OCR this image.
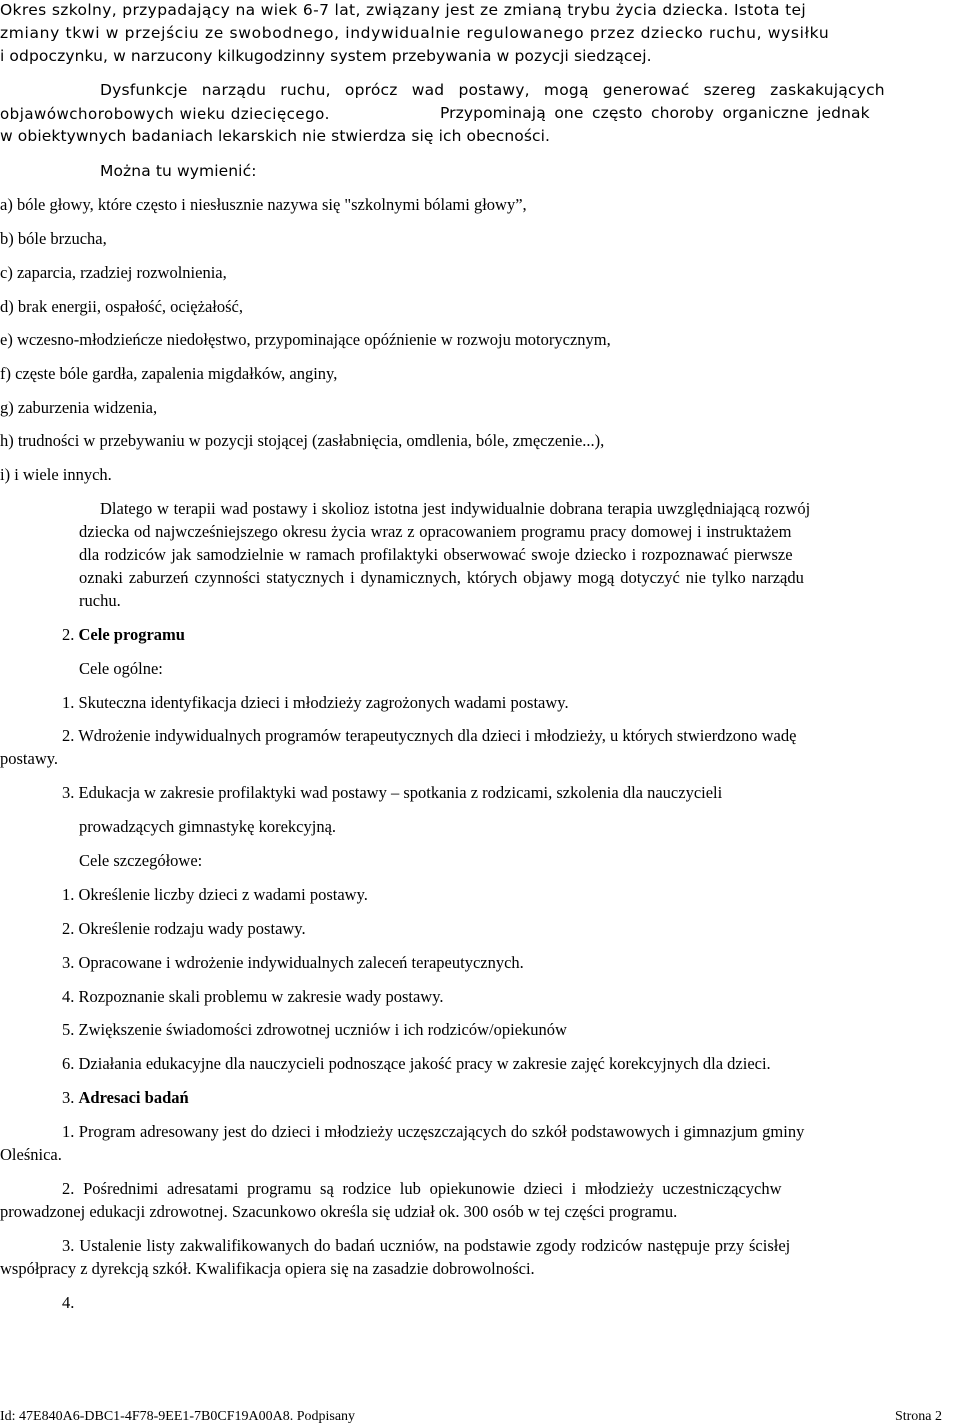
Okres szkolny, przypadający na wiek 6-7 lat, związany jest ze zmianą trybu życia dziecka. Istota tej
zmiany tkwi w przejściu ze swobodnego, indywidualnie regulowanego przez dziecko ruchu, wysiłku
i odpoczynku, w narzucony kilkugodzinny system przebywania w pozycji siedzącej.
Dysfunkcje narządu ruchu, oprócz wad postawy, mogą generować szereg zaskakujących
objawówchorobowych wieku dziecięcego.	Przypominają one często choroby organiczne jednak
w obiektywnych badaniach lekarskich nie stwierdza się ich obecności.
Można tu wymienić:
a) bóle głowy, które często i niesłusznie nazywa się "szkolnymi bólami głowy”,
b) bóle brzucha,
c) zaparcia, rzadziej rozwolnienia,
d) brak energii, ospałość, ociężałość,
e) wczesno-młodzieńcze niedołęstwo, przypominające opóźnienie w rozwoju motorycznym,
f) częste bóle gardła, zapalenia migdałków, anginy,
g) zaburzenia widzenia,
h) trudności w przebywaniu w pozycji stojącej (zasłabnięcia, omdlenia, bóle, zmęczenie...),
i) i wiele innych.
Dlatego w terapii wad postawy i skolioz istotna jest indywidualnie dobrana terapia uwzględniającą rozwój
dziecka od najwcześniejszego okresu życia wraz z opracowaniem programu pracy domowej i instruktażem
dla rodziców jak samodzielnie w ramach profilaktyki obserwować swoje dziecko i rozpoznawać pierwsze
oznaki zaburzeń czynności statycznych i dynamicznych, których objawy mogą dotyczyć nie tylko narządu
ruchu.
2. Cele programu
Cele ogólne:
1. Skuteczna identyfikacja dzieci i młodzieży zagrożonych wadami postawy.
2. Wdrożenie indywidualnych programów terapeutycznych dla dzieci i młodzieży, u których stwierdzono wadę
postawy.
3. Edukacja w zakresie profilaktyki wad postawy – spotkania z rodzicami, szkolenia dla nauczycieli
prowadzących gimnastykę korekcyjną.
Cele szczegółowe:
1. Określenie liczby dzieci z wadami postawy.
2. Określenie rodzaju wady postawy.
3. Opracowane i wdrożenie indywidualnych zaleceń terapeutycznych.
4. Rozpoznanie skali problemu w zakresie wady postawy.
5. Zwiększenie świadomości zdrowotnej uczniów i ich rodziców/opiekunów
6. Działania edukacyjne dla nauczycieli podnoszące jakość pracy w zakresie zajęć korekcyjnych dla dzieci.
3. Adresaci badań
1. Program adresowany jest do dzieci i młodzieży uczęszczających do szkół podstawowych i gimnazjum gminy
Oleśnica.
2. Pośrednimi adresatami programu są rodzice lub opiekunowie dzieci i młodzieży uczestniczącychw
prowadzonej edukacji zdrowotnej. Szacunkowo określa się udział ok. 300 osób w tej części programu.
3. Ustalenie listy zakwalifikowanych do badań uczniów, na podstawie zgody rodziców następuje przy ścisłej
współpracy z dyrekcją szkół. Kwalifikacja opiera się na zasadzie dobrowolności.
4.
Id: 47E840A6-DBC1-4F78-9EE1-7B0CF19A00A8. Podpisany	Strona 2
